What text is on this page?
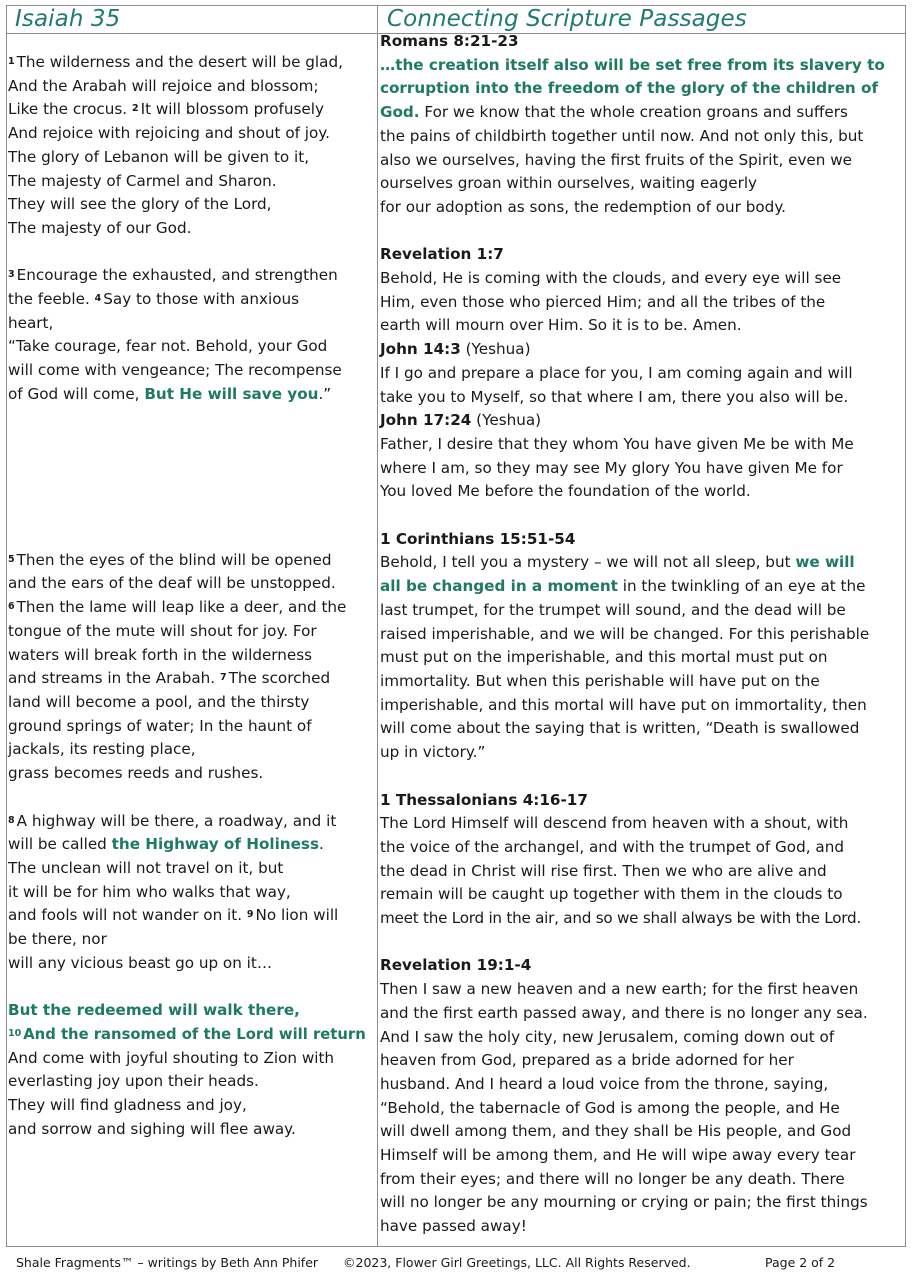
Isaiah 35	Connecting Scripture Passages
$^1$ The wilderness and the desert will be glad,
And the Arabah will rejoice and blossom;
Like the crocus. $^2$ It will blossom profusely
And rejoice with rejoicing and shout of joy.
The glory of Lebanon will be given to it,
The majesty of Carmel and Sharon.
They will see the glory of the Lord,
The majesty of our God.
$^3$ Encourage the exhausted, and strengthen
the feeble. $^4$ Say to those with anxious
heart,
“Take courage, fear not. Behold, your God
will come with vengeance; The recompense
of God will come, But He will save you.”
$^5$ Then the eyes of the blind will be opened
and the ears of the deaf will be unstopped.
$^6$ Then the lame will leap like a deer, and the
tongue of the mute will shout for joy. For
waters will break forth in the wilderness
and streams in the Arabah. $^7$ The scorched
land will become a pool, and the thirsty
ground springs of water; In the haunt of
jackals, its resting place,
grass becomes reeds and rushes.
$^8$ A highway will be there, a roadway, and it
will be called the Highway of Holiness.
The unclean will not travel on it, but
it will be for him who walks that way,
and fools will not wander on it. $^9$ No lion will
be there, nor
will any vicious beast go up on it…
But the redeemed will walk there,
$^{10}$ And the ransomed of the Lord will return
And come with joyful shouting to Zion with
everlasting joy upon their heads.
They will find gladness and joy,
and sorrow and sighing will flee away.
Romans 8:21-23
…the creation itself also will be set free from its slavery to
corruption into the freedom of the glory of the children of
God. For we know that the whole creation groans and suffers
the pains of childbirth together until now. And not only this, but
also we ourselves, having the first fruits of the Spirit, even we
ourselves groan within ourselves, waiting eagerly
for our adoption as sons, the redemption of our body.
Revelation 1:7
Behold, He is coming with the clouds, and every eye will see
Him, even those who pierced Him; and all the tribes of the
earth will mourn over Him. So it is to be. Amen.
John 14:3 (Yeshua)
If I go and prepare a place for you, I am coming again and will
take you to Myself, so that where I am, there you also will be.
John 17:24 (Yeshua)
Father, I desire that they whom You have given Me be with Me
where I am, so they may see My glory You have given Me for
You loved Me before the foundation of the world.
1 Corinthians 15:51-54
Behold, I tell you a mystery – we will not all sleep, but we will
all be changed in a moment in the twinkling of an eye at the
last trumpet, for the trumpet will sound, and the dead will be
raised imperishable, and we will be changed. For this perishable
must put on the imperishable, and this mortal must put on
immortality. But when this perishable will have put on the
imperishable, and this mortal will have put on immortality, then
will come about the saying that is written, “Death is swallowed
up in victory.”
1 Thessalonians 4:16-17
The Lord Himself will descend from heaven with a shout, with
the voice of the archangel, and with the trumpet of God, and
the dead in Christ will rise first. Then we who are alive and
remain will be caught up together with them in the clouds to
meet the Lord in the air, and so we shall always be with the Lord.
Revelation 19:1-4
Then I saw a new heaven and a new earth; for the first heaven
and the first earth passed away, and there is no longer any sea.
And I saw the holy city, new Jerusalem, coming down out of
heaven from God, prepared as a bride adorned for her
husband. And I heard a loud voice from the throne, saying,
“Behold, the tabernacle of God is among the people, and He
will dwell among them, and they shall be His people, and God
Himself will be among them, and He will wipe away every tear
from their eyes; and there will no longer be any death. There
will no longer be any mourning or crying or pain; the first things
have passed away!
Shale Fragments™ – writings by Beth Ann Phifer ©2023, Flower Girl Greetings, LLC. All Rights Reserved.	Page 2 of 2
